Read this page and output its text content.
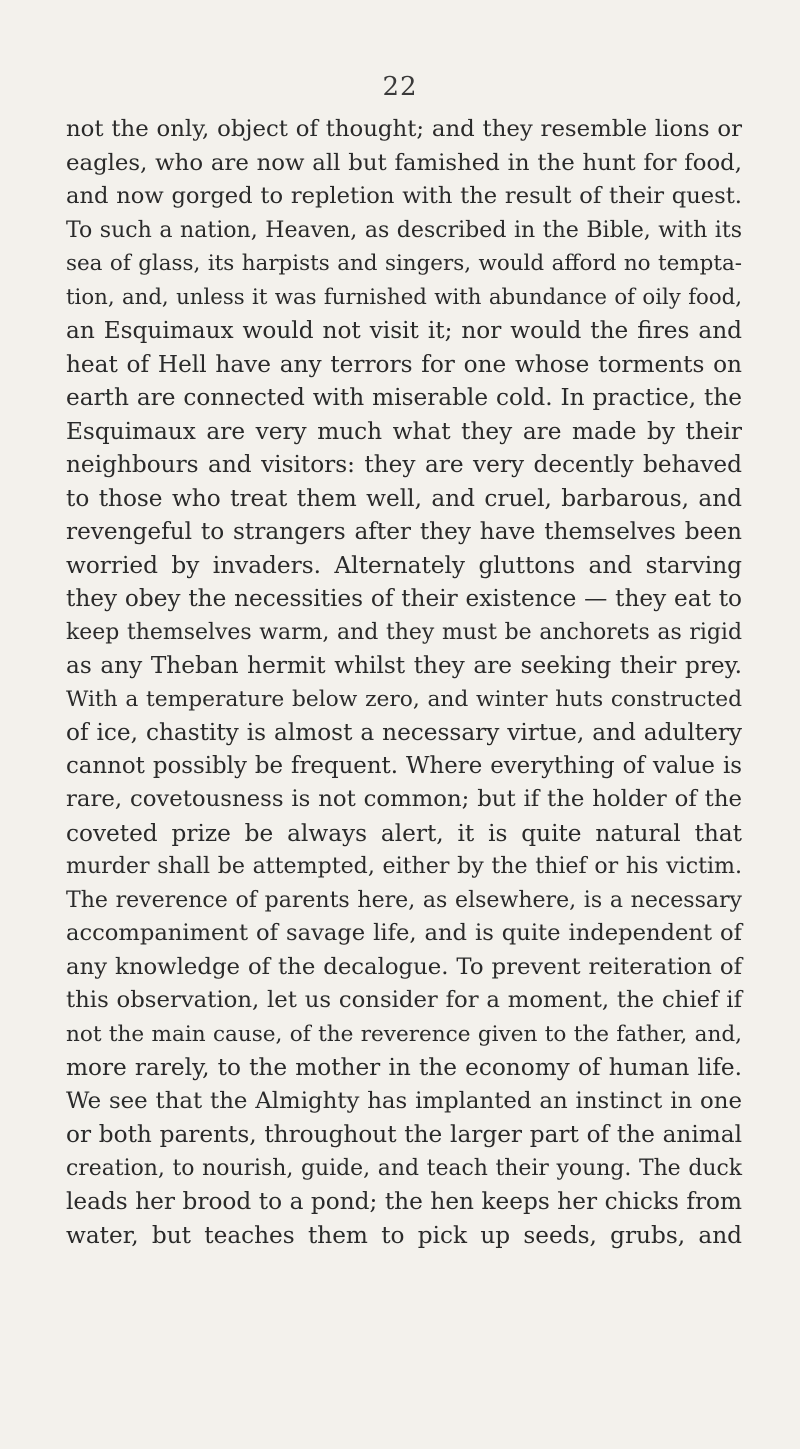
22
not the only, object of thought; and they resemble lions or
eagles, who are now all but famished in the hunt for food,
and now gorged to repletion with the result of their quest.
To such a nation, Heaven, as described in the Bible, with its
sea of glass, its harpists and singers, would afford no tempta-
tion, and, unless it was furnished with abundance of oily food,
an Esquimaux would not visit it; nor would the fires and
heat of Hell have any terrors for one whose torments on
earth are connected with miserable cold. In practice, the
Esquimaux are very much what they are made by their
neighbours and visitors: they are very decently behaved
to those who treat them well, and cruel, barbarous, and
revengeful to strangers after they have themselves been
worried by invaders. Alternately gluttons and starving
they obey the necessities of their existence — they eat to
keep themselves warm, and they must be anchorets as rigid
as any Theban hermit whilst they are seeking their prey.
With a temperature below zero, and winter huts constructed
of ice, chastity is almost a necessary virtue, and adultery
cannot possibly be frequent. Where everything of value is
rare, covetousness is not common; but if the holder of the
coveted prize be always alert, it is quite natural that
murder shall be attempted, either by the thief or his victim.
The reverence of parents here, as elsewhere, is a necessary
accompaniment of savage life, and is quite independent of
any knowledge of the decalogue. To prevent reiteration of
this observation, let us consider for a moment, the chief if
not the main cause, of the reverence given to the father, and,
more rarely, to the mother in the economy of human life.
We see that the Almighty has implanted an instinct in one
or both parents, throughout the larger part of the animal
creation, to nourish, guide, and teach their young. The duck
leads her brood to a pond; the hen keeps her chicks from
water, but teaches them to pick up seeds, grubs, and
